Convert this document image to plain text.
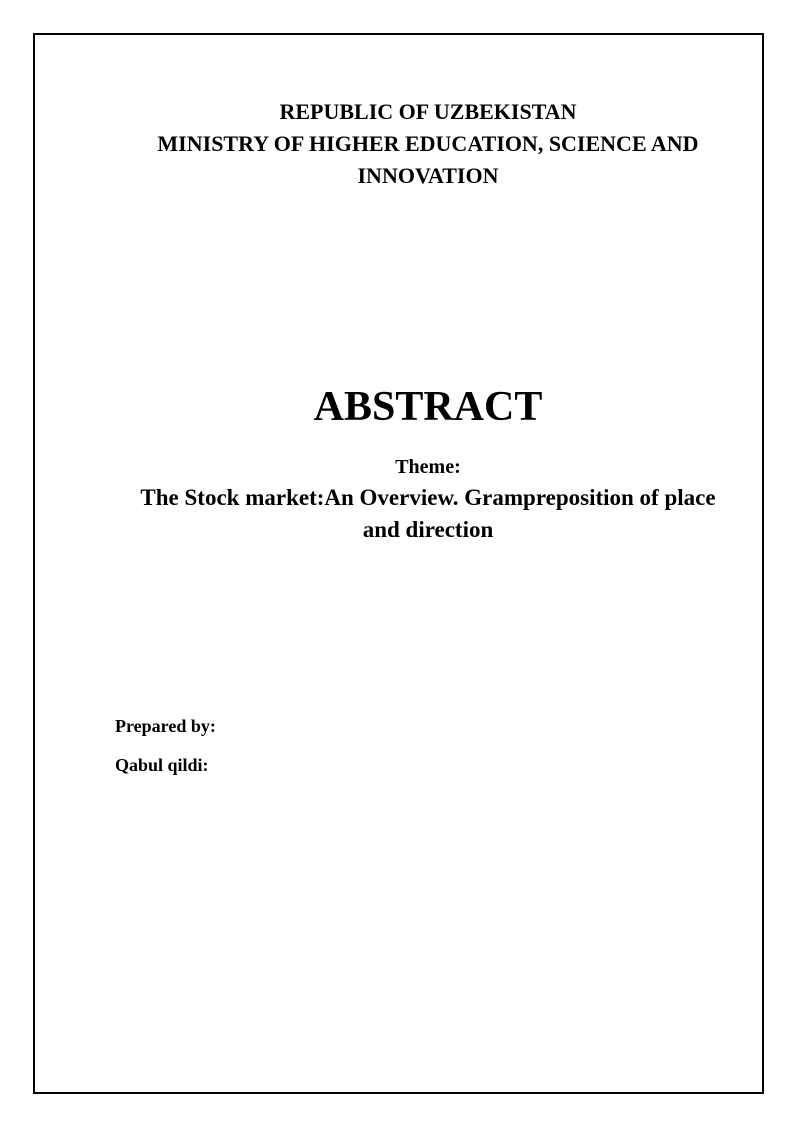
REPUBLIC OF UZBEKISTAN
MINISTRY OF HIGHER EDUCATION, SCIENCE AND
INNOVATION
ABSTRACT
Theme:
The Stock market:An Overview. Grampreposition of place
and direction
Prepared by:
Qabul qildi:
